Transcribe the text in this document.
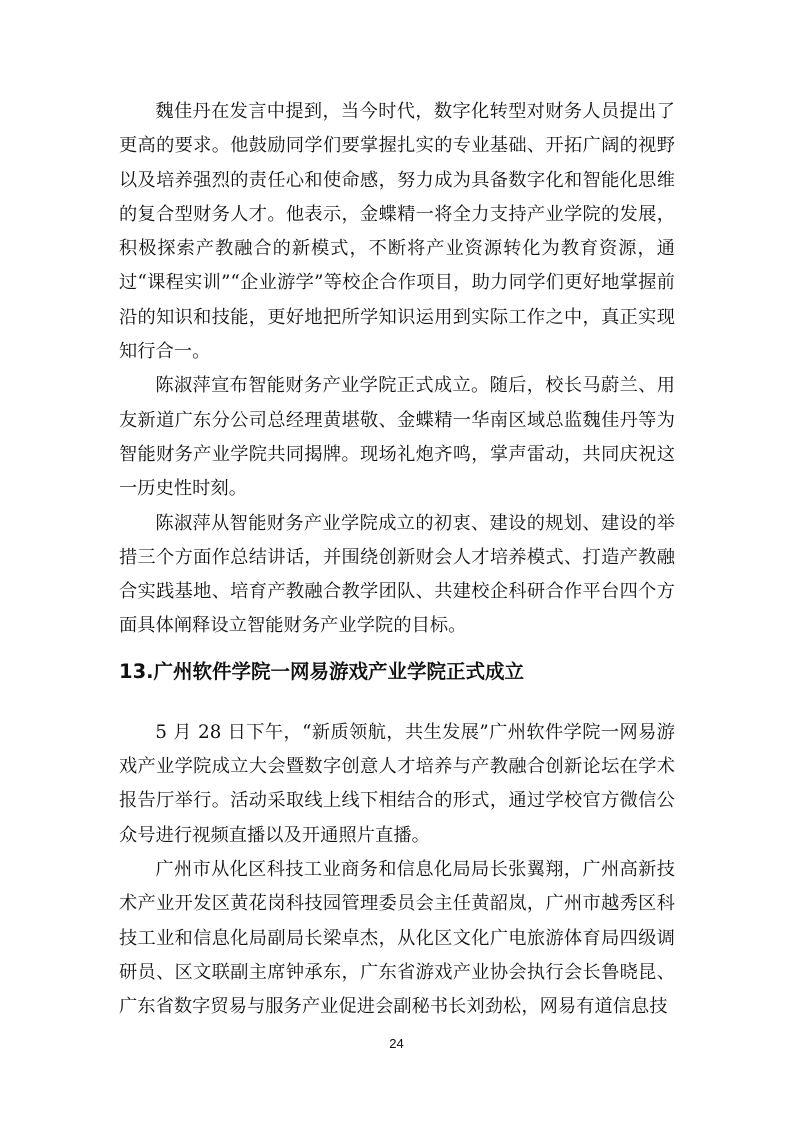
魏佳丹在发言中提到，当今时代，数字化转型对财务人员提出了更高的要求。他鼓励同学们要掌握扎实的专业基础、开拓广阔的视野以及培养强烈的责任心和使命感，努力成为具备数字化和智能化思维的复合型财务人才。他表示，金蝶精一将全力支持产业学院的发展，积极探索产教融合的新模式，不断将产业资源转化为教育资源，通过“课程实训”“企业游学”等校企合作项目，助力同学们更好地掌握前沿的知识和技能，更好地把所学知识运用到实际工作之中，真正实现知行合一。

陈淑萍宣布智能财务产业学院正式成立。随后，校长马蔚兰、用友新道广东分公司总经理黄堪敬、金蝶精一华南区域总监魏佳丹等为智能财务产业学院共同揭牌。现场礼炮齐鸣，掌声雷动，共同庆祝这一历史性时刻。

陈淑萍从智能财务产业学院成立的初衷、建设的规划、建设的举措三个方面作总结讲话，并围绕创新财会人才培养模式、打造产教融合实践基地、培育产教融合教学团队、共建校企科研合作平台四个方面具体阐释设立智能财务产业学院的目标。

13.广州软件学院一网易游戏产业学院正式成立

5 月 28 日下午，“新质领航，共生发展”广州软件学院一网易游戏产业学院成立大会暨数字创意人才培养与产教融合创新论坛在学术报告厅举行。活动采取线上线下相结合的形式，通过学校官方微信公众号进行视频直播以及开通照片直播。

广州市从化区科技工业商务和信息化局局长张翼翔，广州高新技术产业开发区黄花岗科技园管理委员会主任黄韶岚，广州市越秀区科技工业和信息化局副局长梁卓杰，从化区文化广电旅游体育局四级调研员、区文联副主席钟承东，广东省游戏产业协会执行会长鲁晓昆、广东省数字贸易与服务产业促进会副秘书长刘劲松，网易有道信息技

24
